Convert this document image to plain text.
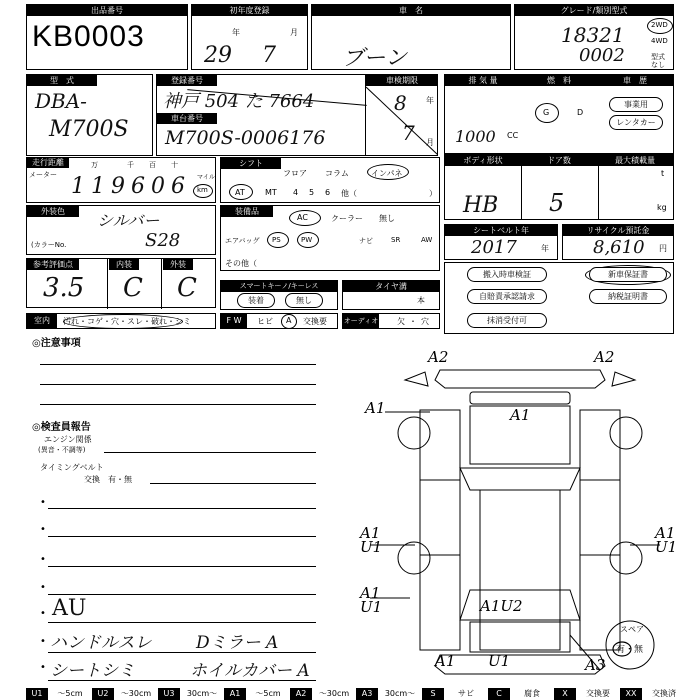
出品番号
KB0003
初年度登録
年	月
29 7
車　名
ブーン
グレード/類別型式
18321
0002
2WD
4WD
型式なし
型　式
DBA-
M700S
登録番号
神戸 504 た 7664
車台番号
M700S-0006176
車検期限
8 年
7 月
排 気 量	燃　料	車　歴
1000 CC
G	D
事業用
レンタカー
走行距離
メーター
万	千 百 十
119606 km
マイル
シフト
フロア コラム	インパネ
AT	MT 4 5 6 他（	）
ボディ形状	ドア数	最大積載量
HB 5
t
kg
外装色	シルバー
(カラーNo.	S28
装備品
AC	クーラー 無し
エアバッグ PS	PW	ナビ	SR	AW
その他（
シートベルト年
2017	年
リサイクル預託金
8,610 円
参考評価点	内装	外装
3.5 C C	スマートキーノ/キーレス
装着	無し
タイヤ溝
本
搬入時車検証	新車保証書
自賠責承認請求	納税証明書
抹消受付可
室内	汚れ・コゲ・穴・スレ・破れ・シミ	F W	ヒビ A 交換要 オーディオ 欠 ・ 穴
◎注意事項
◎検査員報告
エンジン関係
(異音・不調等)
タイミングベルト
交換　有・無
•
•
•
•
• AU
• ハンドルスレ	Dミラー A
• シートシミ	ホイルカバー A
A2	A2
A1	A1
A1
U1
A1
U1
A1
U1	A1U2
A1 U1	A3
スペア
有・無
U1	～5cm	U2	～30cm	U3	30cm～	A1	～5cm	A2	～30cm	A3	30cm～	S	サビ	C	腐食	X	交換要	XX	交換済
